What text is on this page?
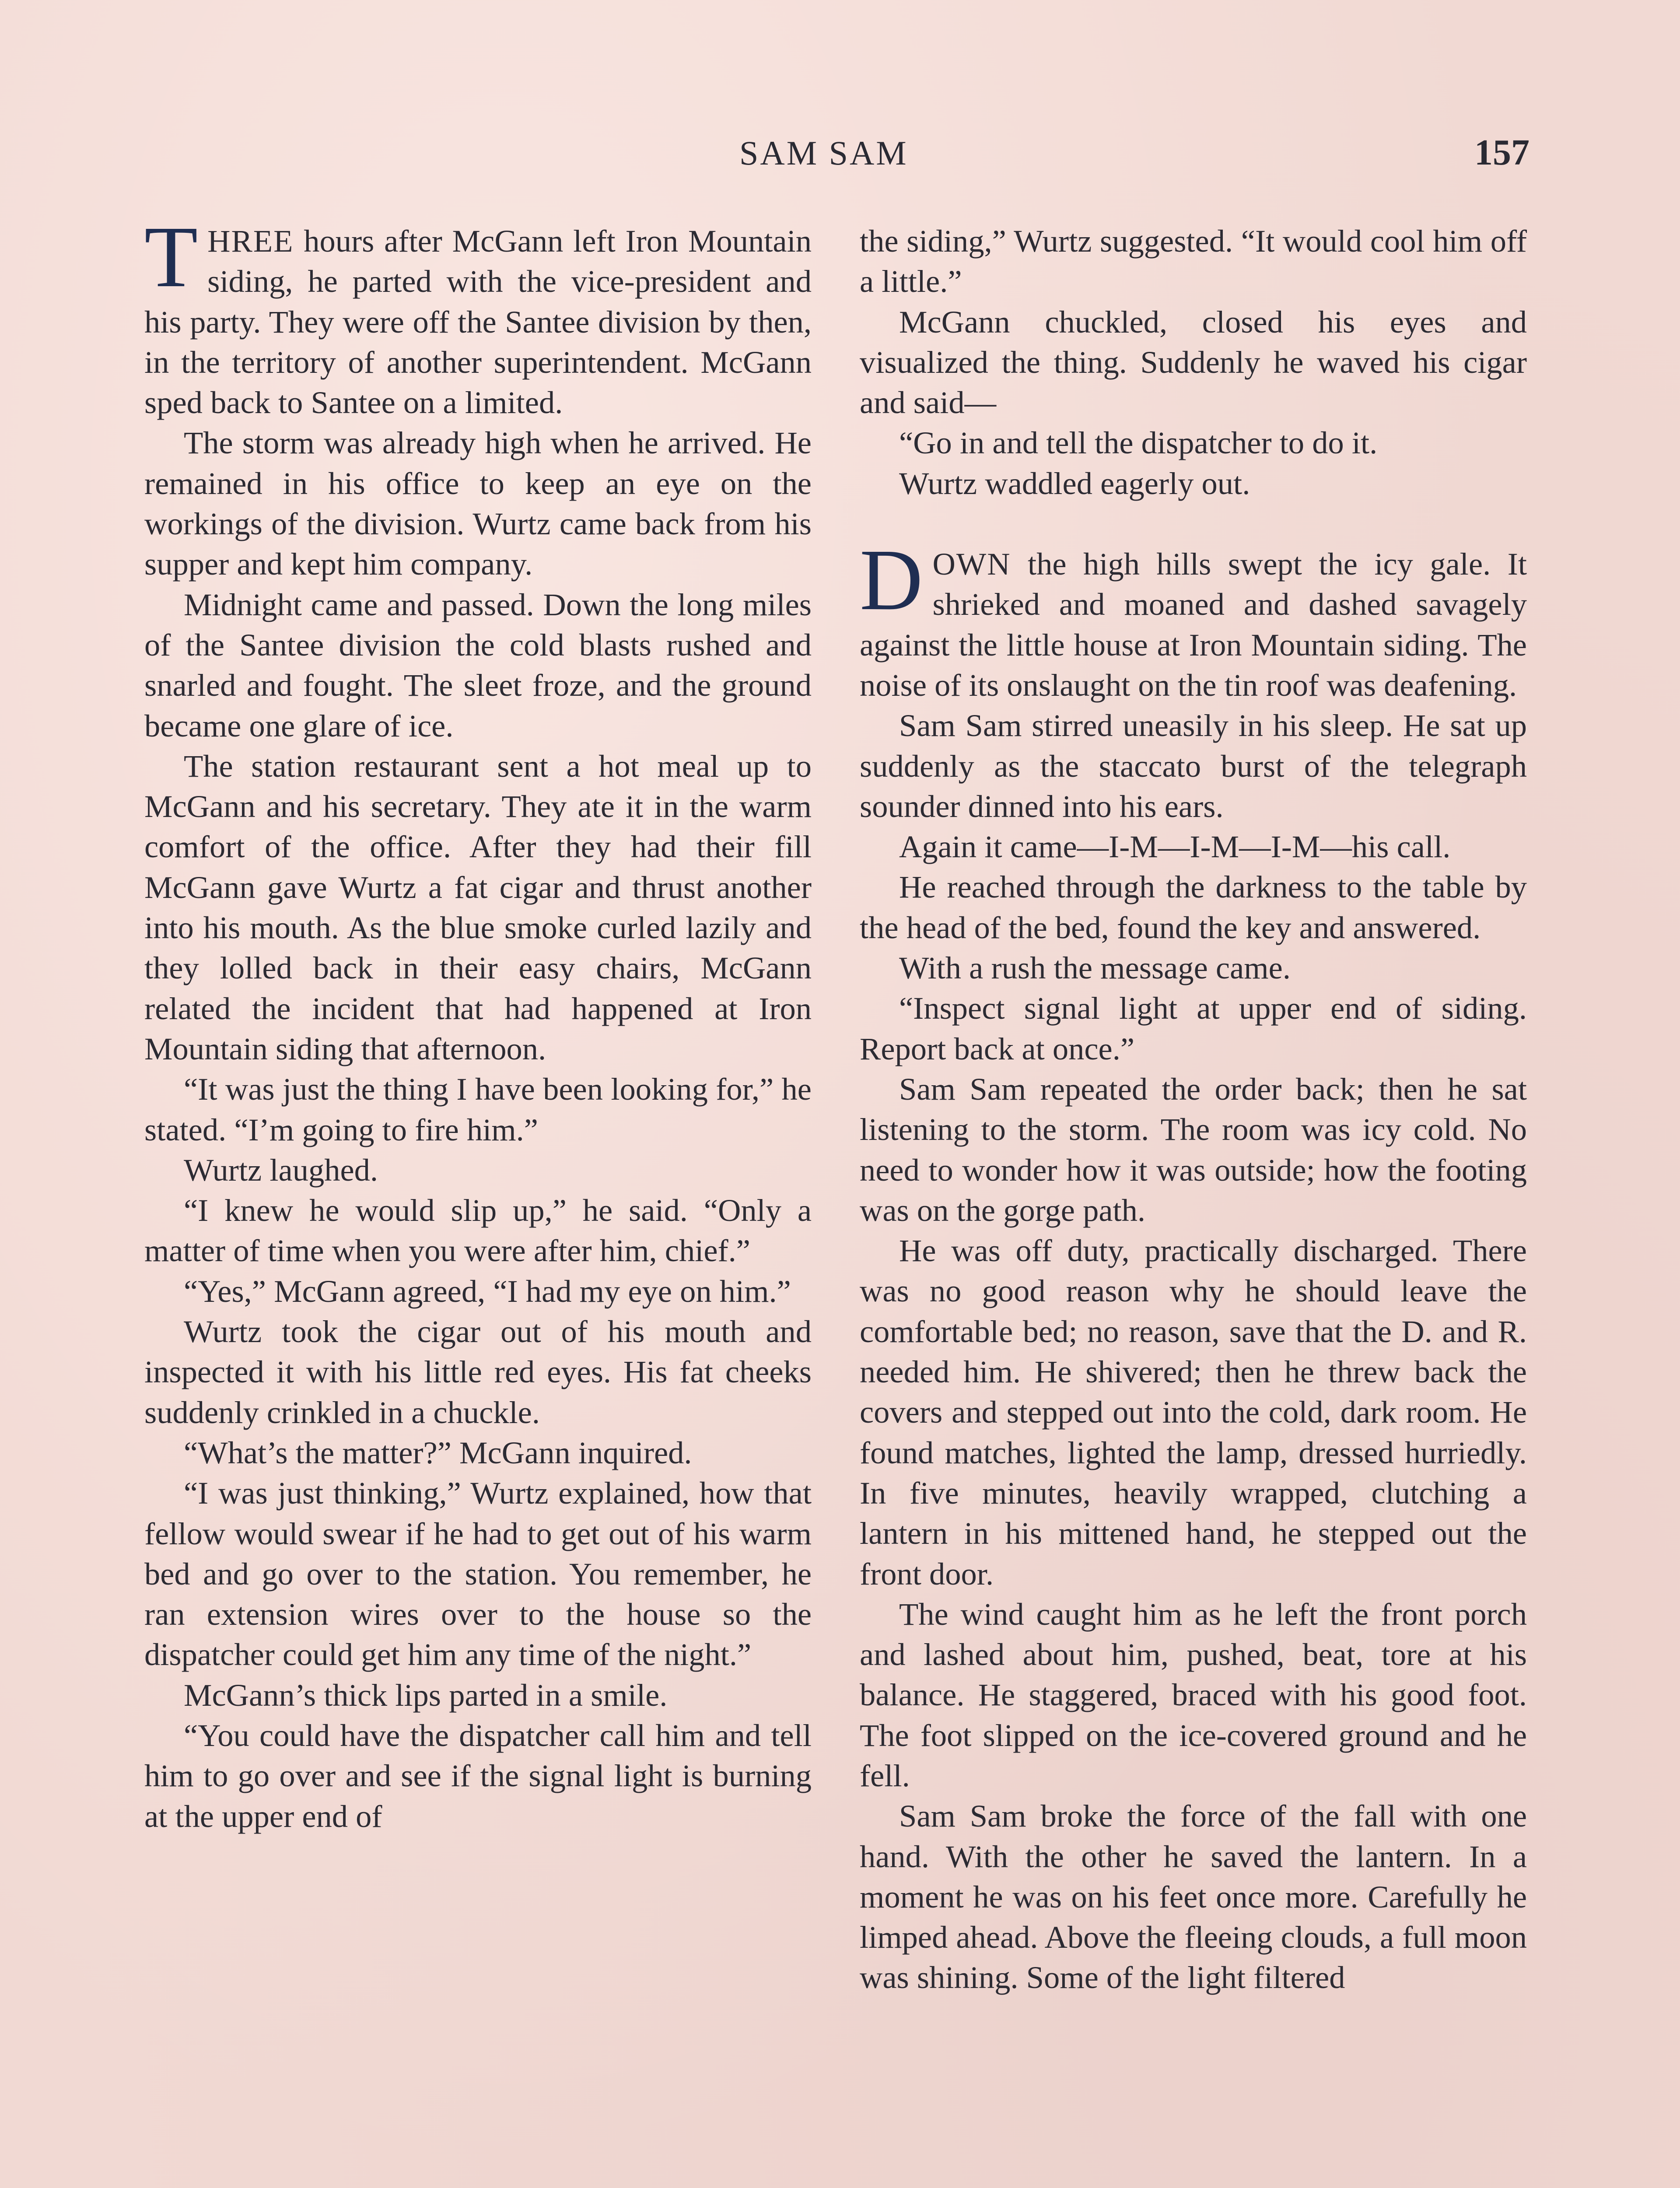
SAM SAM	157

THREE hours after McGann left Iron Mountain siding, he parted with the vice-president and his party. They were off the Santee division by then, in the territory of another superintendent. McGann sped back to Santee on a limited.

The storm was already high when he arrived. He remained in his office to keep an eye on the workings of the division. Wurtz came back from his supper and kept him company.

Midnight came and passed. Down the long miles of the Santee division the cold blasts rushed and snarled and fought. The sleet froze, and the ground became one glare of ice.

The station restaurant sent a hot meal up to McGann and his secretary. They ate it in the warm comfort of the office. After they had their fill McGann gave Wurtz a fat cigar and thrust another into his mouth. As the blue smoke curled lazily and they lolled back in their easy chairs, McGann related the incident that had happened at Iron Mountain siding that afternoon.

“It was just the thing I have been looking for,” he stated. “I’m going to fire him.”

Wurtz laughed.

“I knew he would slip up,” he said. “Only a matter of time when you were after him, chief.”

“Yes,” McGann agreed, “I had my eye on him.”

Wurtz took the cigar out of his mouth and inspected it with his little red eyes. His fat cheeks suddenly crinkled in a chuckle.

“What’s the matter?” McGann inquired.

“I was just thinking,” Wurtz explained, how that fellow would swear if he had to get out of his warm bed and go over to the station. You remember, he ran extension wires over to the house so the dispatcher could get him any time of the night.”

McGann’s thick lips parted in a smile.

“You could have the dispatcher call him and tell him to go over and see if the signal light is burning at the upper end of

the siding,” Wurtz suggested. “It would cool him off a little.”

McGann chuckled, closed his eyes and visualized the thing. Suddenly he waved his cigar and said—

“Go in and tell the dispatcher to do it.

Wurtz waddled eagerly out.

DOWN the high hills swept the icy gale. It shrieked and moaned and dashed savagely against the little house at Iron Mountain siding. The noise of its onslaught on the tin roof was deafening.

Sam Sam stirred uneasily in his sleep. He sat up suddenly as the staccato burst of the telegraph sounder dinned into his ears.

Again it came—I-M—I-M—I-M—his call.

He reached through the darkness to the table by the head of the bed, found the key and answered.

With a rush the message came.

“Inspect signal light at upper end of siding. Report back at once.”

Sam Sam repeated the order back; then he sat listening to the storm. The room was icy cold. No need to wonder how it was outside; how the footing was on the gorge path.

He was off duty, practically discharged. There was no good reason why he should leave the comfortable bed; no reason, save that the D. and R. needed him. He shivered; then he threw back the covers and stepped out into the cold, dark room. He found matches, lighted the lamp, dressed hurriedly. In five minutes, heavily wrapped, clutching a lantern in his mittened hand, he stepped out the front door.

The wind caught him as he left the front porch and lashed about him, pushed, beat, tore at his balance. He staggered, braced with his good foot. The foot slipped on the ice-covered ground and he fell.

Sam Sam broke the force of the fall with one hand. With the other he saved the lantern. In a moment he was on his feet once more. Carefully he limped ahead. Above the fleeing clouds, a full moon was shining. Some of the light filtered
